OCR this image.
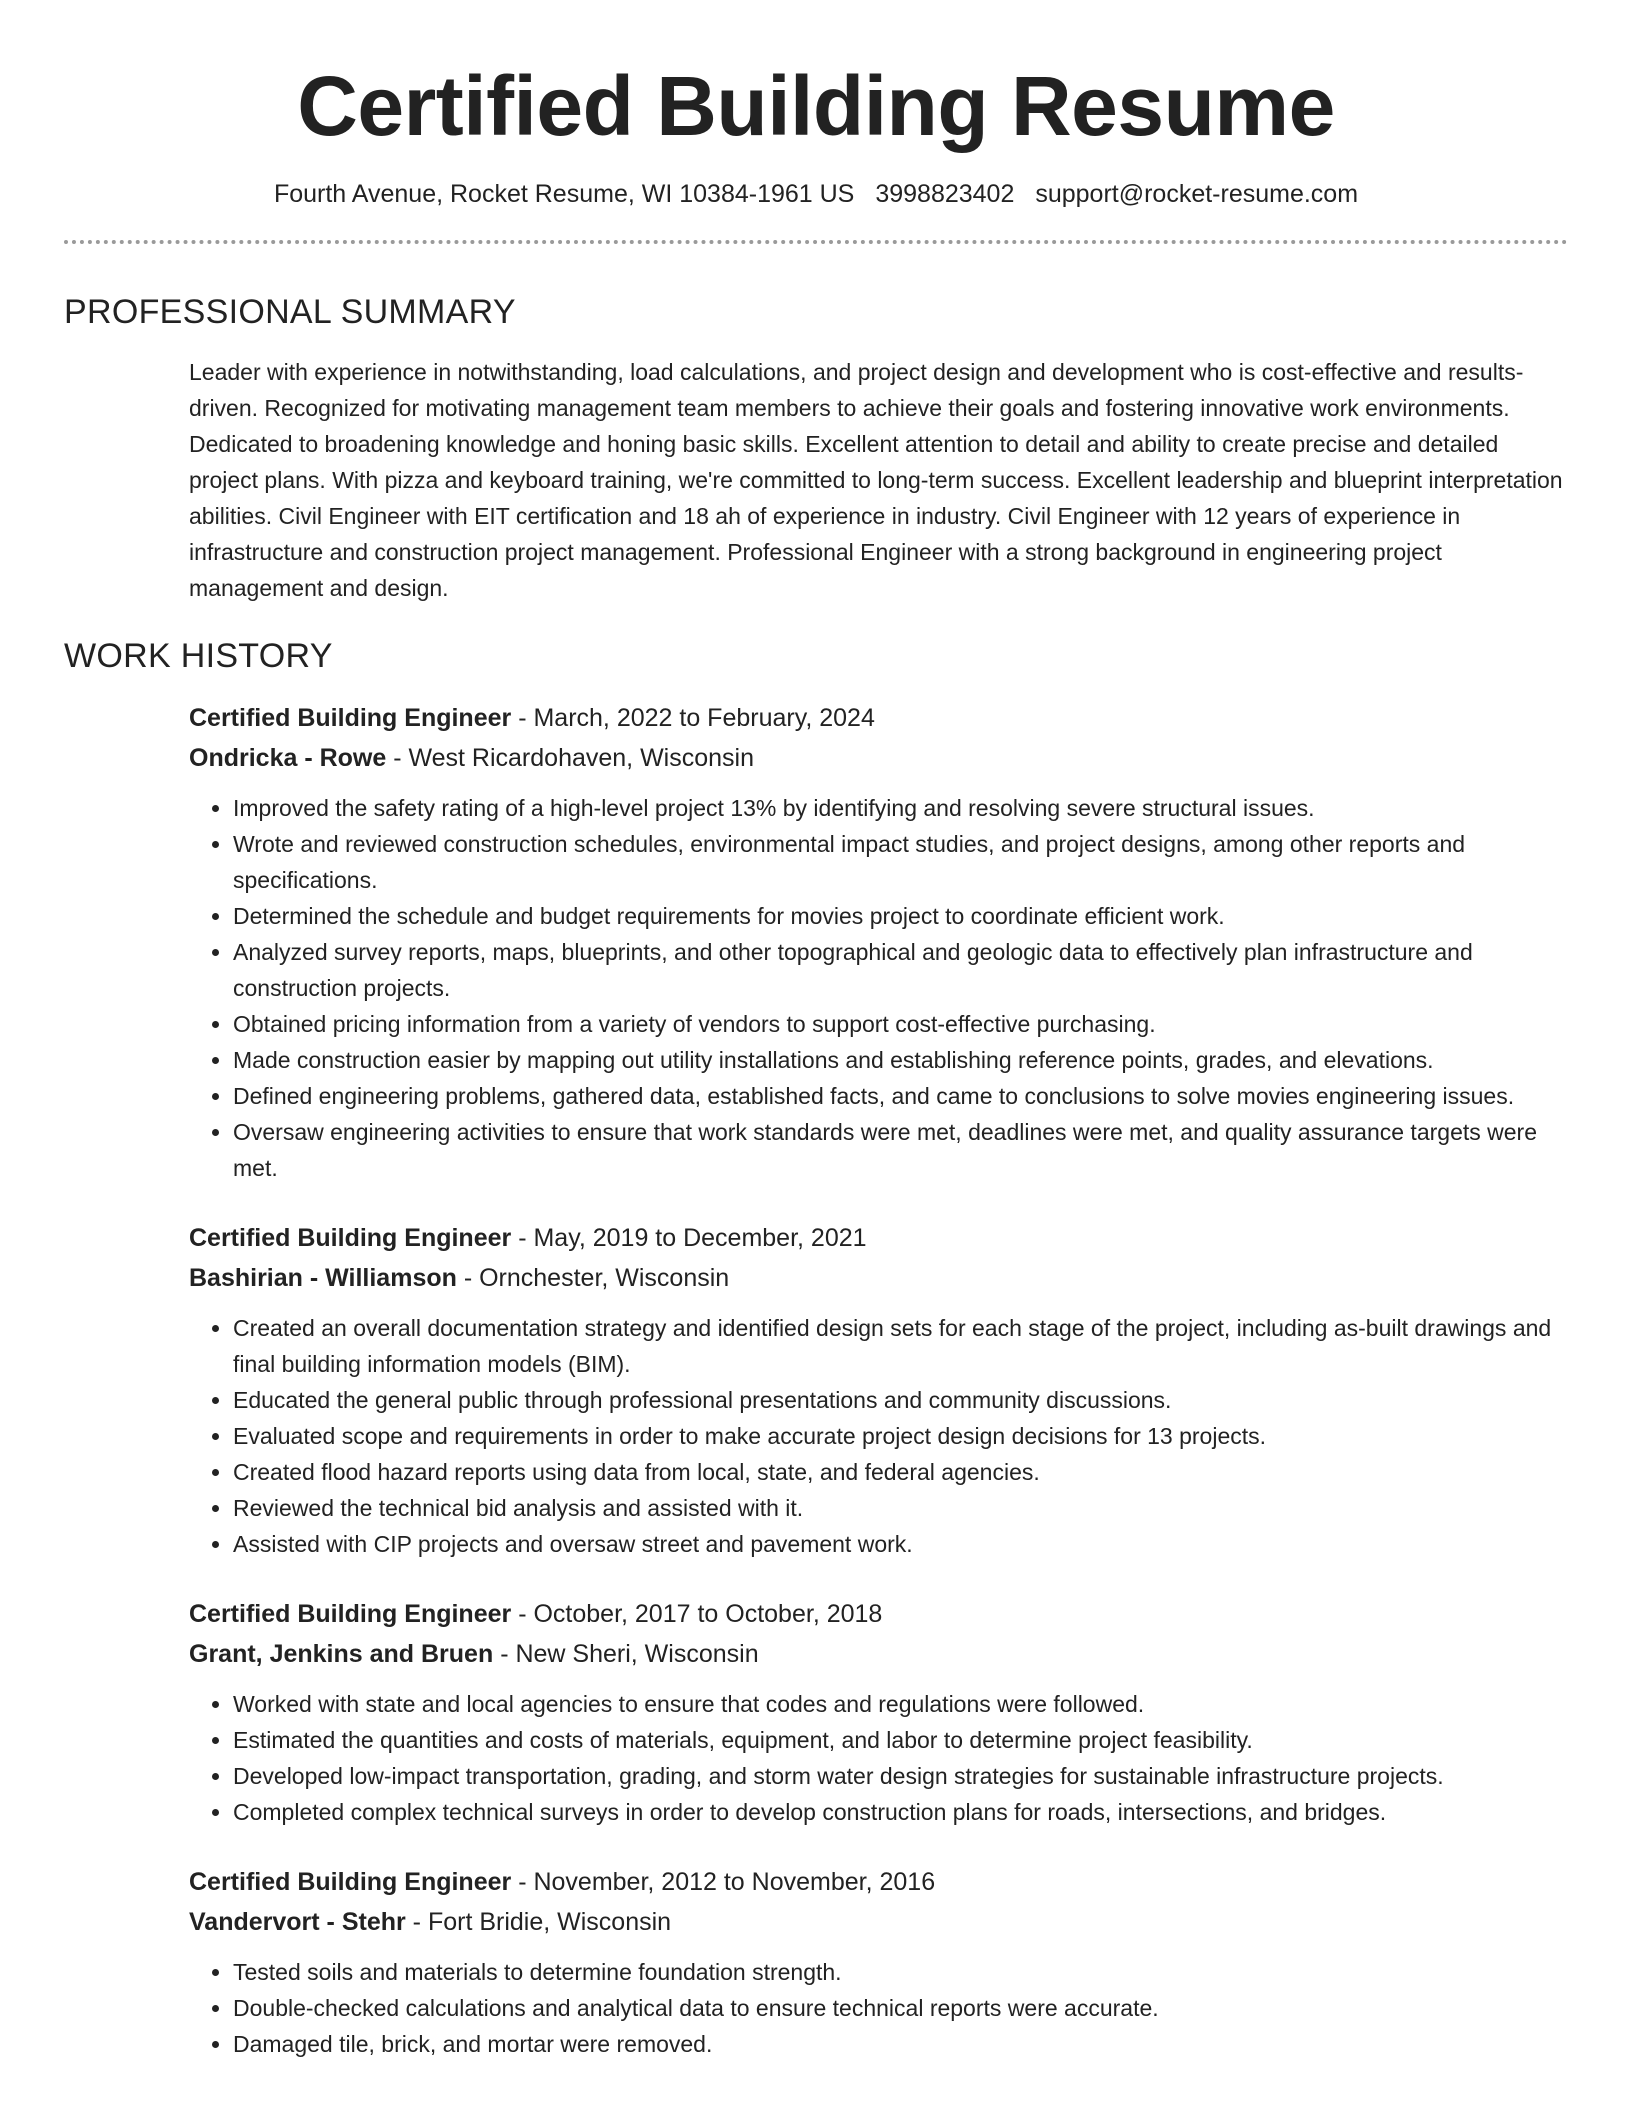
Certified Building Resume
Fourth Avenue, Rocket Resume, WI 10384-1961 US 3998823402 support@rocket-resume.com
PROFESSIONAL SUMMARY

Leader with experience in notwithstanding, load calculations, and project design and development who is cost-effective and results-driven. Recognized for motivating management team members to achieve their goals and fostering innovative work environments. Dedicated to broadening knowledge and honing basic skills. Excellent attention to detail and ability to create precise and detailed project plans. With pizza and keyboard training, we're committed to long-term success. Excellent leadership and blueprint interpretation abilities. Civil Engineer with EIT certification and 18 ah of experience in industry. Civil Engineer with 12 years of experience in infrastructure and construction project management. Professional Engineer with a strong background in engineering project management and design.

WORK HISTORY
Certified Building Engineer - March, 2022 to February, 2024
Ondricka - Rowe - West Ricardohaven, Wisconsin
• Improved the safety rating of a high-level project 13% by identifying and resolving severe structural issues.
• Wrote and reviewed construction schedules, environmental impact studies, and project designs, among other reports and specifications.
• Determined the schedule and budget requirements for movies project to coordinate efficient work.
• Analyzed survey reports, maps, blueprints, and other topographical and geologic data to effectively plan infrastructure and construction projects.
• Obtained pricing information from a variety of vendors to support cost-effective purchasing.
• Made construction easier by mapping out utility installations and establishing reference points, grades, and elevations.
• Defined engineering problems, gathered data, established facts, and came to conclusions to solve movies engineering issues.
• Oversaw engineering activities to ensure that work standards were met, deadlines were met, and quality assurance targets were met.
Certified Building Engineer - May, 2019 to December, 2021
Bashirian - Williamson - Ornchester, Wisconsin
• Created an overall documentation strategy and identified design sets for each stage of the project, including as-built drawings and final building information models (BIM).
• Educated the general public through professional presentations and community discussions.
• Evaluated scope and requirements in order to make accurate project design decisions for 13 projects.
• Created flood hazard reports using data from local, state, and federal agencies.
• Reviewed the technical bid analysis and assisted with it.
• Assisted with CIP projects and oversaw street and pavement work.
Certified Building Engineer - October, 2017 to October, 2018
Grant, Jenkins and Bruen - New Sheri, Wisconsin
• Worked with state and local agencies to ensure that codes and regulations were followed.
• Estimated the quantities and costs of materials, equipment, and labor to determine project feasibility.
• Developed low-impact transportation, grading, and storm water design strategies for sustainable infrastructure projects.
• Completed complex technical surveys in order to develop construction plans for roads, intersections, and bridges.
Certified Building Engineer - November, 2012 to November, 2016
Vandervort - Stehr - Fort Bridie, Wisconsin
• Tested soils and materials to determine foundation strength.
• Double-checked calculations and analytical data to ensure technical reports were accurate.
• Damaged tile, brick, and mortar were removed.
